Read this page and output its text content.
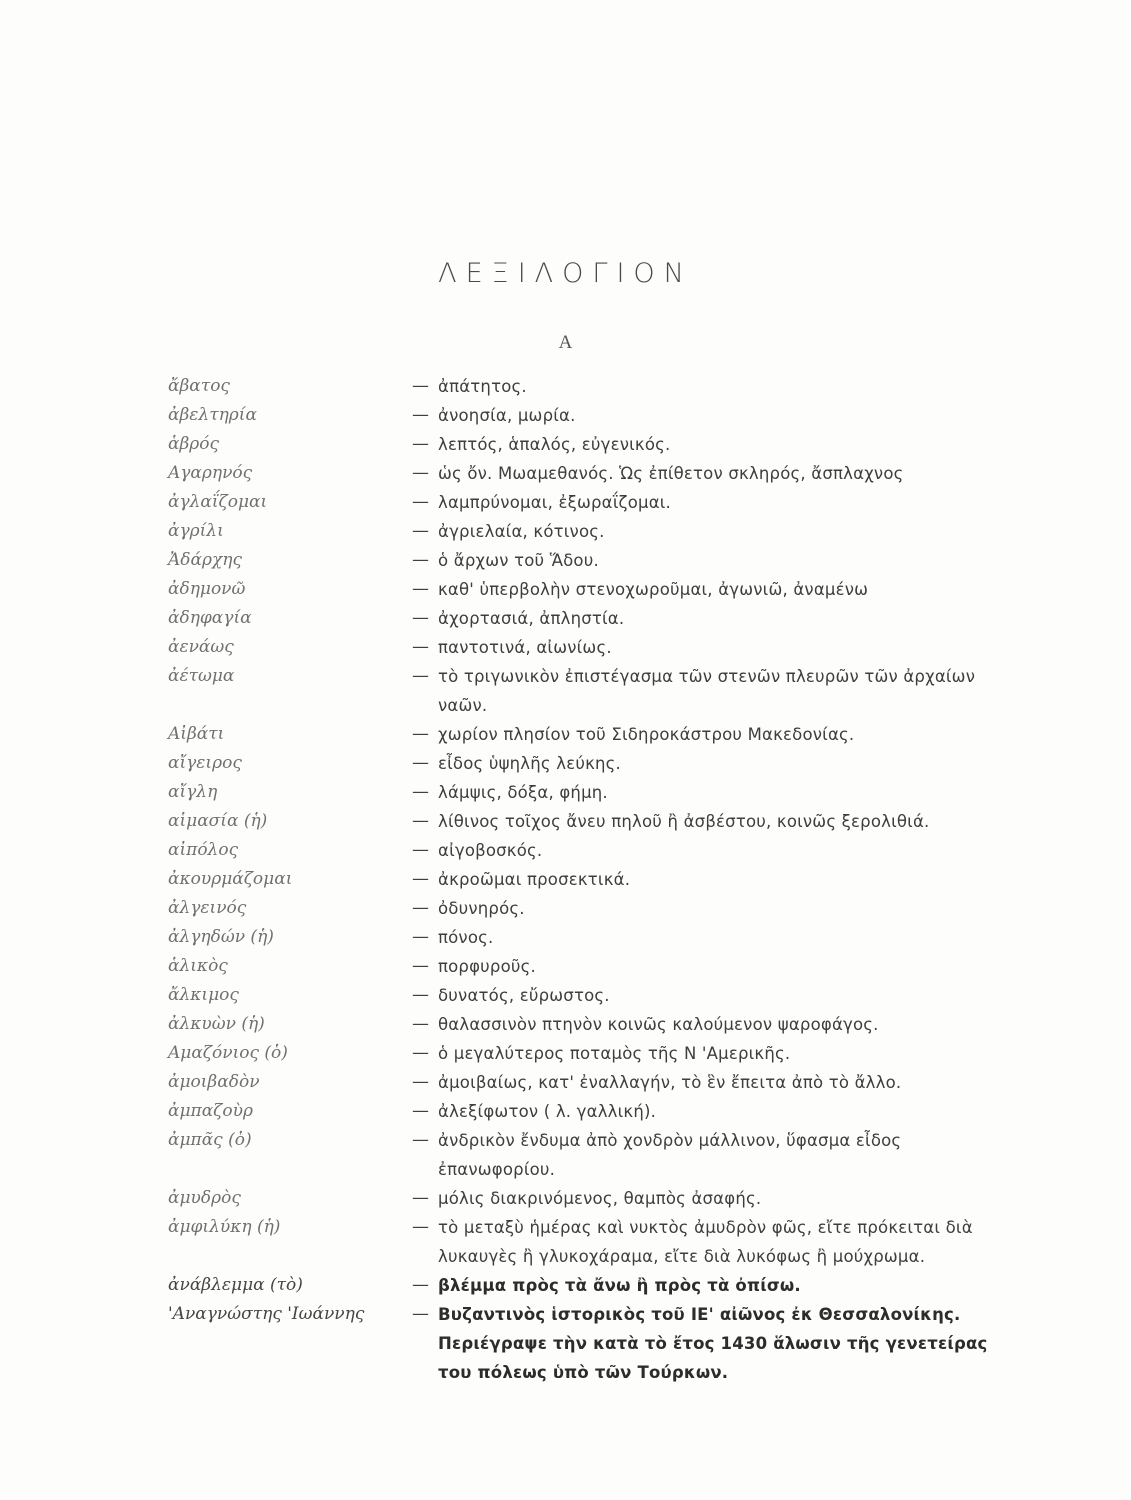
ΛΕΞΙΛΟΓΙΟΝ
Α
ἄβατος	— ἀπάτητος.
ἀβελτηρία	— ἀνοησία, μωρία.
ἁβρός	— λεπτός, ἁπαλός, εὐγενικός.
Αγαρηνός	— ὡς ὄν. Μωαμεθανός. Ὡς ἐπίθετον σκληρός, ἄσπλαχνος
ἀγλαΐζομαι	— λαμπρύνομαι, ἐξωραΐζομαι.
ἀγρίλι	— ἀγριελαία, κότινος.
Ἀδάρχης	— ὁ ἄρχων τοῦ Ἅδου.
ἀδημονῶ	— καθ' ὑπερβολὴν στενοχωροῦμαι, ἀγωνιῶ, ἀναμένω
ἀδηφαγία	— ἀχορτασιά, ἀπληστία.
ἀενάως	— παντοτινά, αἰωνίως.
ἀέτωμα	— τὸ τριγωνικὸν ἐπιστέγασμα τῶν στενῶν πλευρῶν τῶν ἀρχαίων ναῶν.
Αἰβάτι	— χωρίον πλησίον τοῦ Σιδηροκάστρου Μακεδονίας.
αἴγειρος	— εἶδος ὑψηλῆς λεύκης.
αἴγλη	— λάμψις, δόξα, φήμη.
αἱμασία (ἡ)	— λίθινος τοῖχος ἄνευ πηλοῦ ἢ ἀσβέστου, κοινῶς ξερολιθιά.
αἰπόλος	— αἰγοβοσκός.
ἀκουρμάζομαι	— ἀκροῶμαι προσεκτικά.
ἀλγεινός	— ὀδυνηρός.
ἀλγηδών (ἡ)	— πόνος.
ἁλικὸς	— πορφυροῦς.
ἄλκιμος	— δυνατός, εὔρωστος.
ἀλκυὼν (ἡ)	— θαλασσινὸν πτηνὸν κοινῶς καλούμενον ψαροφάγος.
Αμαζόνιος (ὁ)	— ὁ μεγαλύτερος ποταμὸς τῆς Ν 'Αμερικῆς.
ἀμοιβαδὸν	— ἀμοιβαίως, κατ' ἐναλλαγήν, τὸ ἓν ἔπειτα ἀπὸ τὸ ἄλλο.
ἀμπαζοὺρ	— ἀλεξίφωτον ( λ. γαλλική).
ἀμπᾶς (ὁ)	— ἀνδρικὸν ἔνδυμα ἀπὸ χονδρὸν μάλλινον, ὕφασμα εἶδος ἐπανωφορίου.
ἀμυδρὸς	— μόλις διακρινόμενος, θαμπὸς ἀσαφής.
ἀμφιλύκη (ἡ)	— τὸ μεταξὺ ἡμέρας καὶ νυκτὸς ἀμυδρὸν φῶς, εἴτε πρόκειται διὰ λυκαυγὲς ἢ γλυκοχάραμα, εἴτε διὰ λυκόφως ἢ μούχρωμα.
ἀνάβλεμμα (τὸ)	— βλέμμα πρὸς τὰ ἄνω ἢ πρὸς τὰ ὀπίσω.
'Αναγνώστης 'Ιωάννης	— Βυζαντινὸς ἱστορικὸς τοῦ ΙΕ' αἰῶνος ἐκ Θεσσαλονίκης. Περιέγραψε τὴν κατὰ τὸ ἔτος 1430 ἅλωσιν τῆς γενετείρας του πόλεως ὑπὸ τῶν Τούρκων.
